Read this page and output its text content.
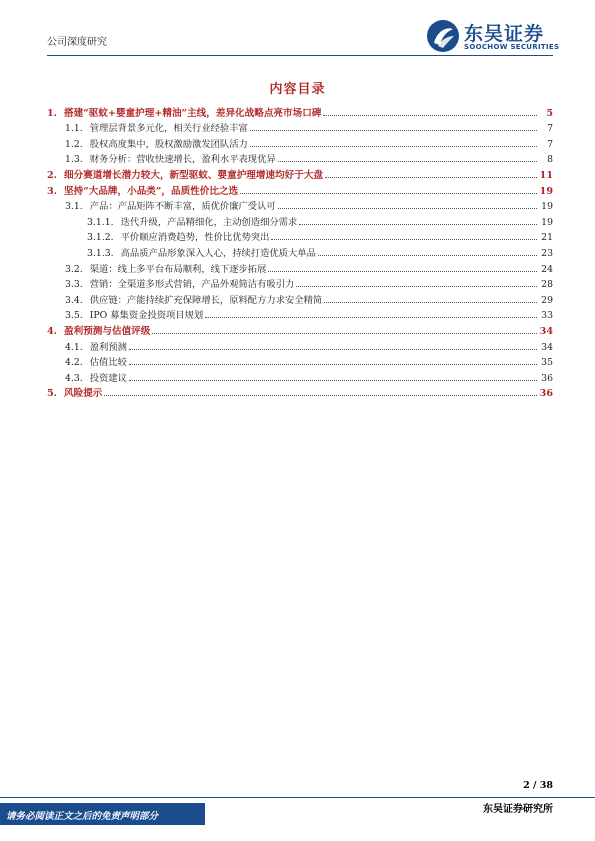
公司深度研究	东吴证券
SOOCHOW SECURITIES
内容目录
1. 搭建“驱蚊+婴童护理+精油”主线，差异化战略点亮市场口碑	5
1.1. 管理层背景多元化，相关行业经验丰富	7
1.2. 股权高度集中，股权激励激发团队活力	7
1.3. 财务分析：营收快速增长，盈利水平表现优异	8
2. 细分赛道增长潜力较大，新型驱蚊、婴童护理增速均好于大盘	11
3. 坚持“大品牌，小品类”，品质性价比之选	19
3.1. 产品：产品矩阵不断丰富，质优价廉广受认可	19
3.1.1. 迭代升级，产品精细化，主动创造细分需求	19
3.1.2. 平价顺应消费趋势，性价比优势突出	21
3.1.3. 高品质产品形象深入人心，持续打造优质大单品	23
3.2. 渠道：线上多平台布局顺利，线下逐步拓展	24
3.3. 营销：全渠道多形式营销，产品外观简洁有吸引力	28
3.4. 供应链：产能持续扩充保障增长，原料配方力求安全精简	29
3.5. IPO 募集资金投资项目规划	33
4. 盈利预测与估值评级	34
4.1. 盈利预测	34
4.2. 估值比较	35
4.3. 投资建议	36
5. 风险提示	36
2 / 38
请务必阅读正文之后的免责声明部分
东吴证券研究所
